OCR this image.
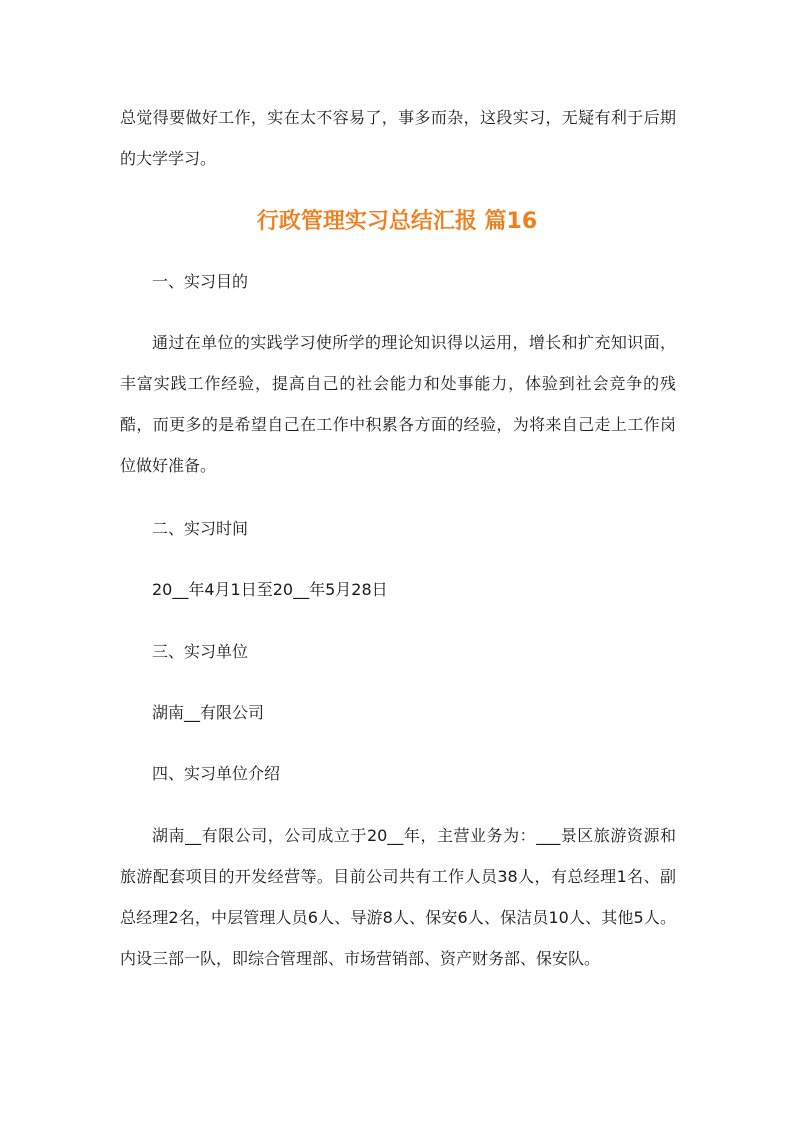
总觉得要做好工作，实在太不容易了，事多而杂，这段实习，无疑有利于后期的大学学习。

行政管理实习总结汇报 篇16

一、实习目的

通过在单位的实践学习使所学的理论知识得以运用，增长和扩充知识面，丰富实践工作经验，提高自己的社会能力和处事能力，体验到社会竞争的残酷，而更多的是希望自己在工作中积累各方面的经验，为将来自己走上工作岗位做好准备。

二、实习时间

20__年4月1日至20__年5月28日

三、实习单位

湖南__有限公司

四、实习单位介绍

湖南__有限公司，公司成立于20__年，主营业务为：___景区旅游资源和旅游配套项目的开发经营等。目前公司共有工作人员38人，有总经理1名、副总经理2名，中层管理人员6人、导游8人、保安6人、保洁员10人、其他5人。内设三部一队，即综合管理部、市场营销部、资产财务部、保安队。
